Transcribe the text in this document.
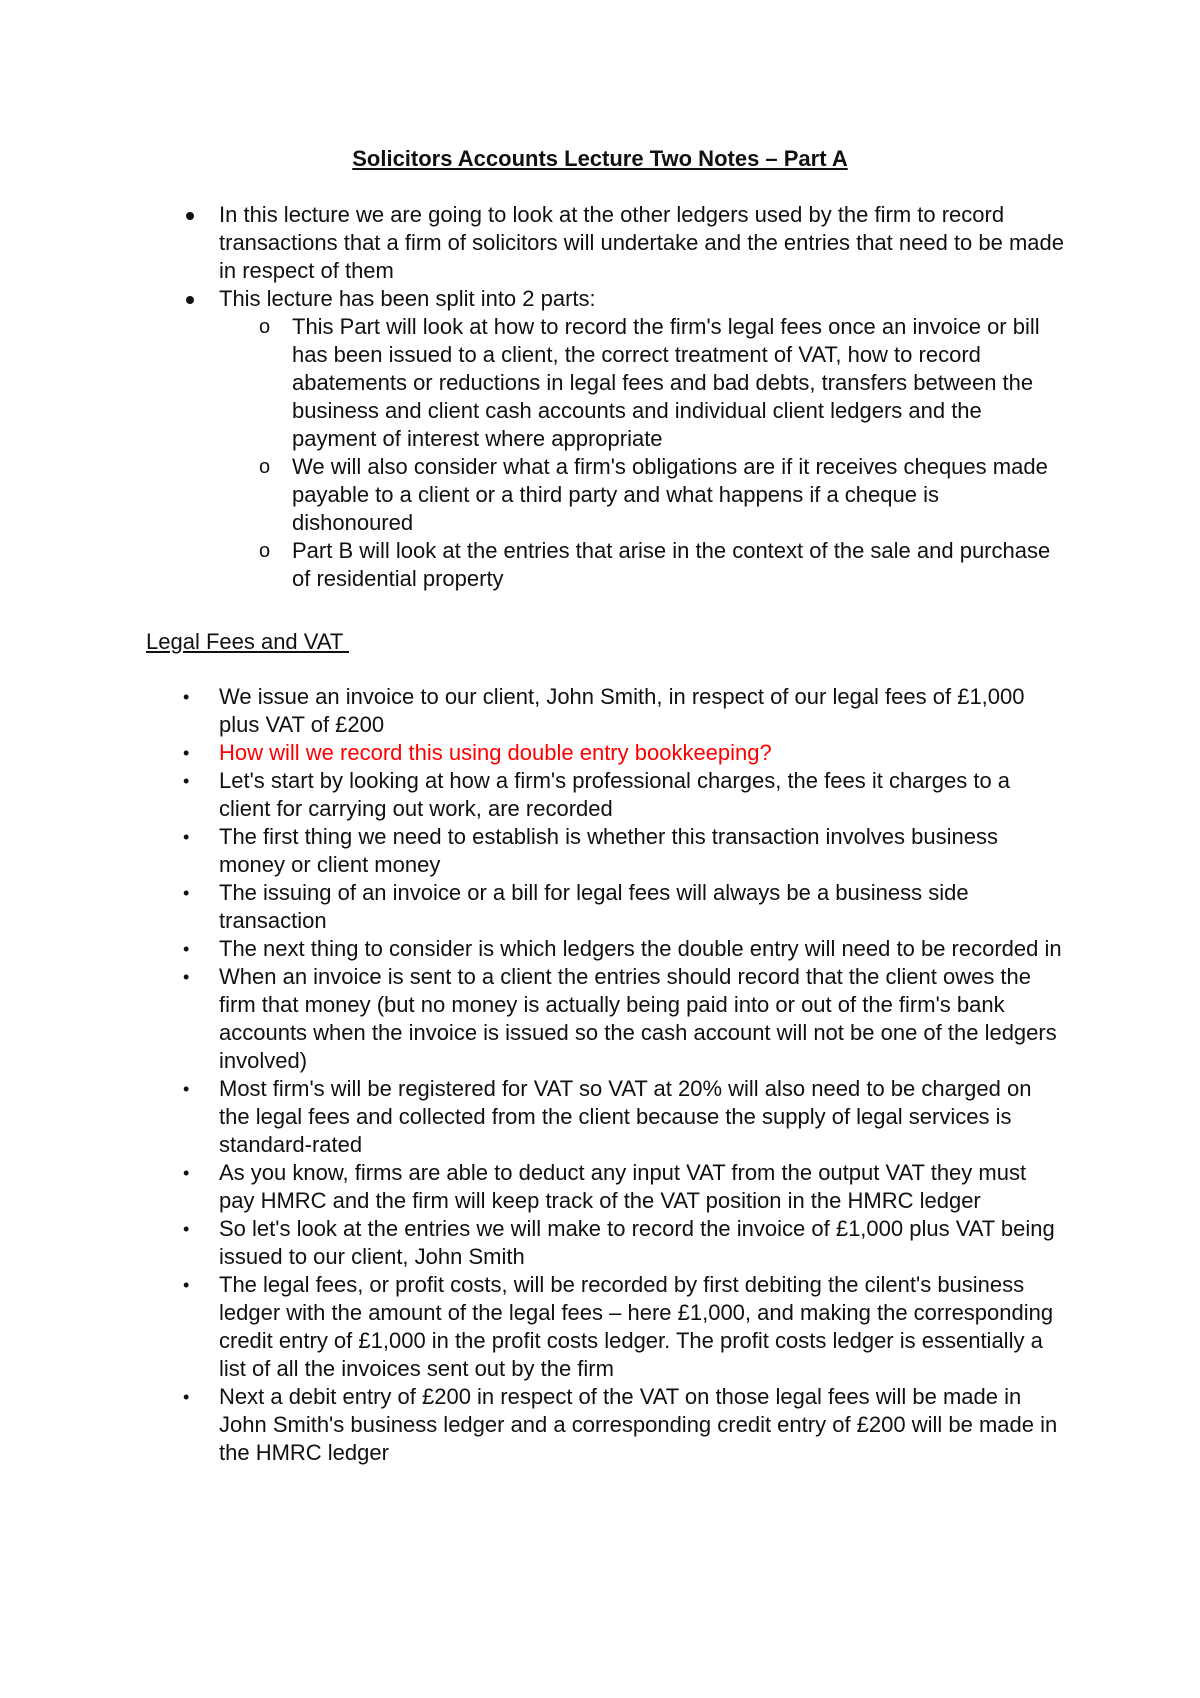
Solicitors Accounts Lecture Two Notes – Part A
In this lecture we are going to look at the other ledgers used by the firm to record transactions that a firm of solicitors will undertake and the entries that need to be made in respect of them
This lecture has been split into 2 parts:
o This Part will look at how to record the firm's legal fees once an invoice or bill has been issued to a client, the correct treatment of VAT, how to record abatements or reductions in legal fees and bad debts, transfers between the business and client cash accounts and individual client ledgers and the payment of interest where appropriate
o We will also consider what a firm's obligations are if it receives cheques made payable to a client or a third party and what happens if a cheque is dishonoured
o Part B will look at the entries that arise in the context of the sale and purchase of residential property
Legal Fees and VAT
• We issue an invoice to our client, John Smith, in respect of our legal fees of £1,000 plus VAT of £200
• How will we record this using double entry bookkeeping?
• Let's start by looking at how a firm's professional charges, the fees it charges to a client for carrying out work, are recorded
• The first thing we need to establish is whether this transaction involves business money or client money
• The issuing of an invoice or a bill for legal fees will always be a business side transaction
• The next thing to consider is which ledgers the double entry will need to be recorded in
• When an invoice is sent to a client the entries should record that the client owes the firm that money (but no money is actually being paid into or out of the firm's bank accounts when the invoice is issued so the cash account will not be one of the ledgers involved)
• Most firm's will be registered for VAT so VAT at 20% will also need to be charged on the legal fees and collected from the client because the supply of legal services is standard-rated
• As you know, firms are able to deduct any input VAT from the output VAT they must pay HMRC and the firm will keep track of the VAT position in the HMRC ledger
• So let's look at the entries we will make to record the invoice of £1,000 plus VAT being issued to our client, John Smith
• The legal fees, or profit costs, will be recorded by first debiting the cilent's business ledger with the amount of the legal fees – here £1,000, and making the corresponding credit entry of £1,000 in the profit costs ledger. The profit costs ledger is essentially a list of all the invoices sent out by the firm
• Next a debit entry of £200 in respect of the VAT on those legal fees will be made in John Smith's business ledger and a corresponding credit entry of £200 will be made in the HMRC ledger
